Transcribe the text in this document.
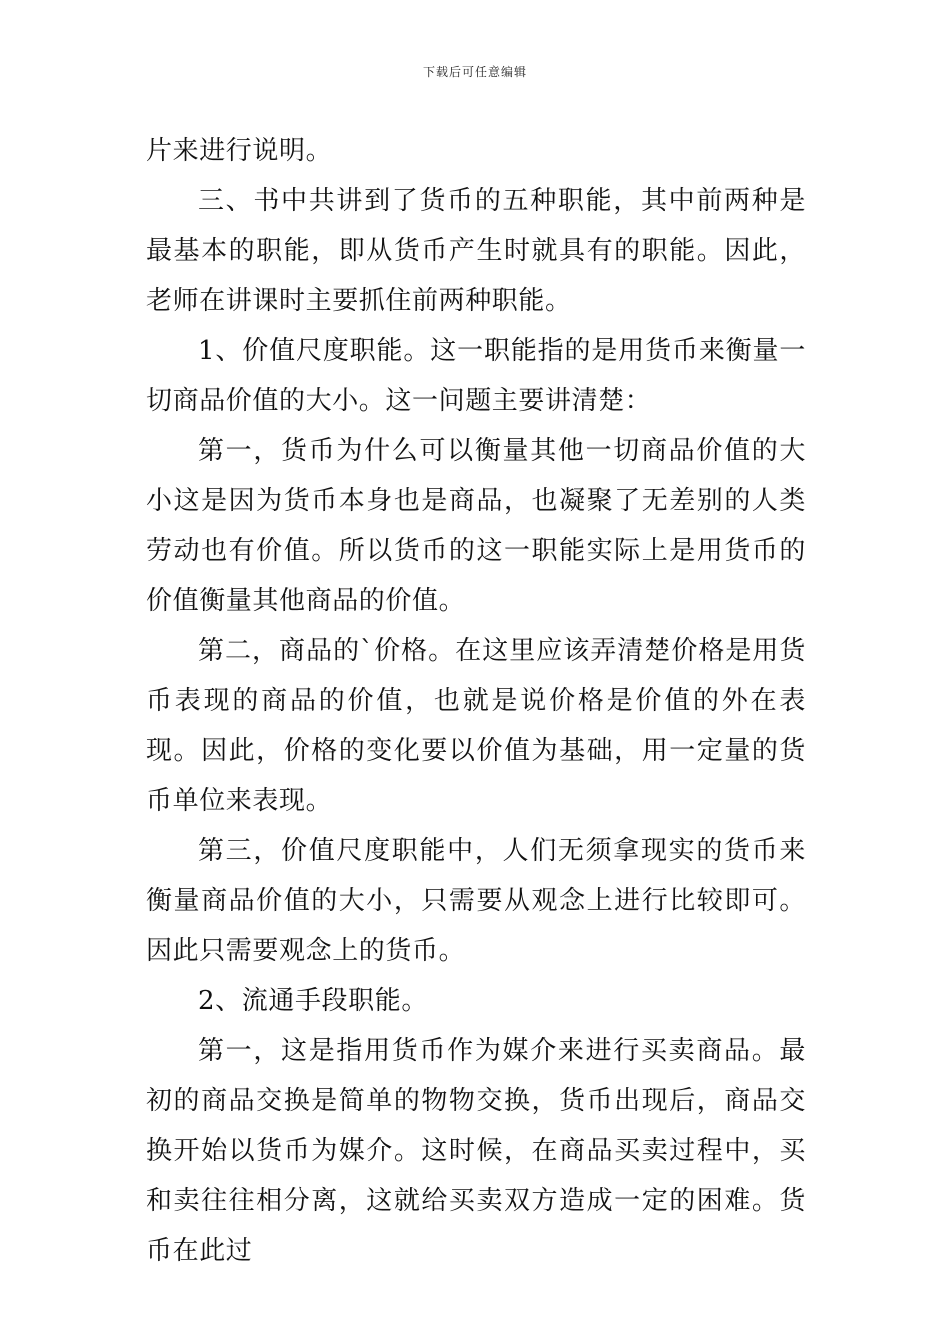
下载后可任意编辑

片来进行说明。

三、书中共讲到了货币的五种职能，其中前两种是最基本的职能，即从货币产生时就具有的职能。因此，老师在讲课时主要抓住前两种职能。

1、价值尺度职能。这一职能指的是用货币来衡量一切商品价值的大小。这一问题主要讲清楚：

第一，货币为什么可以衡量其他一切商品价值的大小这是因为货币本身也是商品，也凝聚了无差别的人类劳动也有价值。所以货币的这一职能实际上是用货币的价值衡量其他商品的价值。

第二，商品的`价格。在这里应该弄清楚价格是用货币表现的商品的价值，也就是说价格是价值的外在表现。因此，价格的变化要以价值为基础，用一定量的货币单位来表现。

第三，价值尺度职能中，人们无须拿现实的货币来衡量商品价值的大小，只需要从观念上进行比较即可。因此只需要观念上的货币。

2、流通手段职能。

第一，这是指用货币作为媒介来进行买卖商品。最初的商品交换是简单的物物交换，货币出现后，商品交换开始以货币为媒介。这时候，在商品买卖过程中，买和卖往往相分离，这就给买卖双方造成一定的困难。货币在此过
